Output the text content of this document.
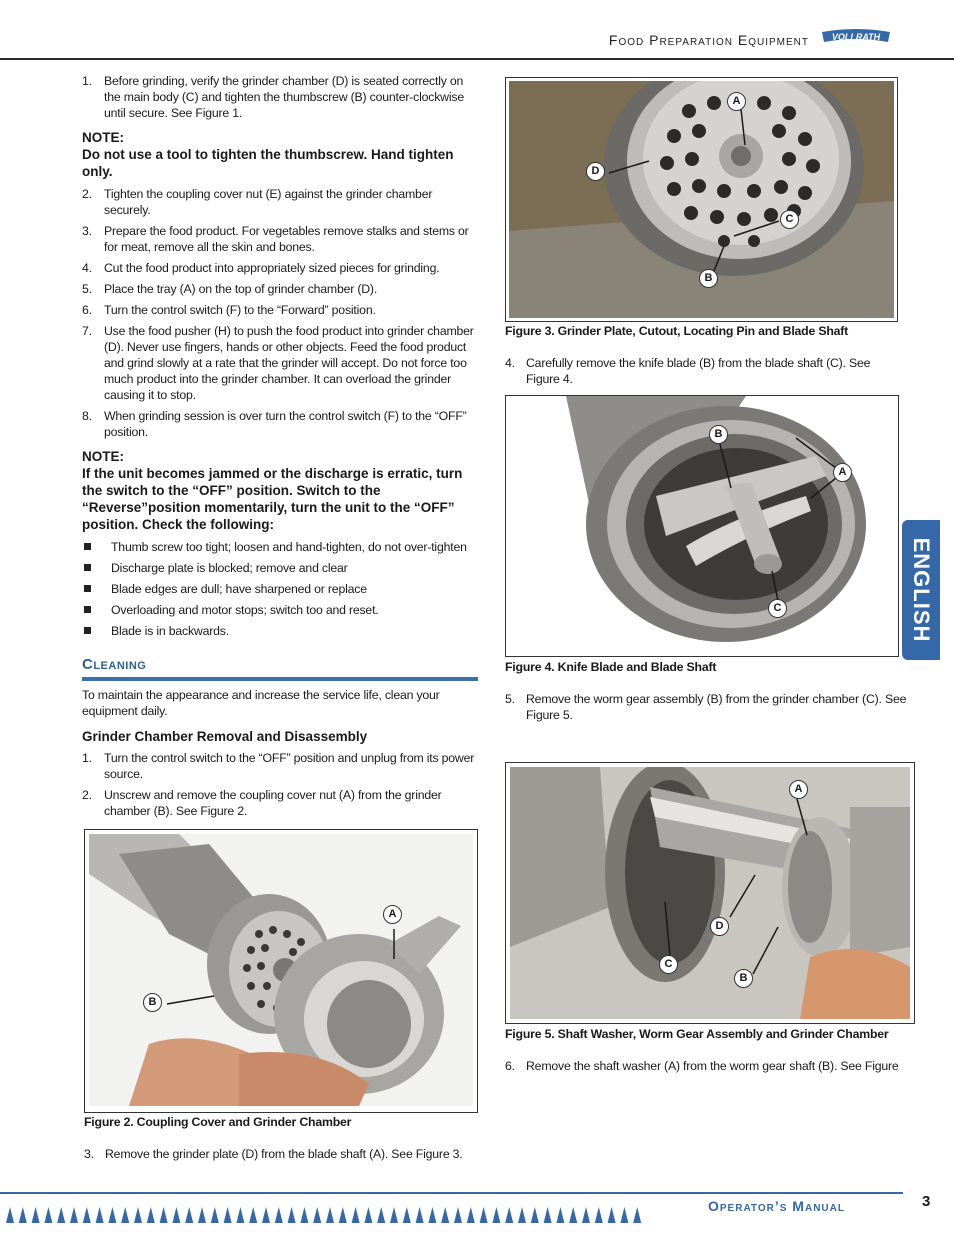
Food Preparation Equipment	VOLLRATH
1. Before grinding, verify the grinder chamber (D) is seated correctly on the main body (C) and tighten the thumbscrew (B) counter-clockwise until secure. See Figure 1.
NOTE:
Do not use a tool to tighten the thumbscrew. Hand tighten only.
2. Tighten the coupling cover nut (E) against the grinder chamber securely.
3. Prepare the food product. For vegetables remove stalks and stems or for meat, remove all the skin and bones.
4. Cut the food product into appropriately sized pieces for grinding.
5. Place the tray (A) on the top of grinder chamber (D).
6. Turn the control switch (F) to the “Forward” position.
7. Use the food pusher (H) to push the food product into grinder chamber (D). Never use fingers, hands or other objects. Feed the food product and grind slowly at a rate that the grinder will accept. Do not force too much product into the grinder chamber. It can overload the grinder causing it to stop.
8. When grinding session is over turn the control switch (F) to the “OFF” position.
NOTE:
If the unit becomes jammed or the discharge is erratic, turn the switch to the “OFF” position. Switch to the “Reverse”position momentarily, turn the unit to the “OFF” position. Check the following:
Thumb screw too tight; loosen and hand-tighten, do not over-tighten
Discharge plate is blocked; remove and clear
Blade edges are dull; have sharpened or replace
Overloading and motor stops; switch too and reset.
Blade is in backwards.
Cleaning
To maintain the appearance and increase the service life, clean your equipment daily.
Grinder Chamber Removal and Disassembly
1. Turn the control switch to the “OFF” position and unplug from its power source.
2. Unscrew and remove the coupling cover nut (A) from the grinder chamber (B). See Figure 2.
A
B
Figure 2. Coupling Cover and Grinder Chamber
3. Remove the grinder plate (D) from the blade shaft (A). See Figure 3.
A
D
C
B
Figure 3. Grinder Plate, Cutout, Locating Pin and Blade Shaft
4. Carefully remove the knife blade (B) from the blade shaft (C). See Figure 4.
B
A
C
Figure 4. Knife Blade and Blade Shaft
5. Remove the worm gear assembly (B) from the grinder chamber (C). See Figure 5.
A
D
C
B
Figure 5. Shaft Washer, Worm Gear Assembly and Grinder Chamber
6. Remove the shaft washer (A) from the worm gear shaft (B). See Figure
ENGLISH
Operator’s Manual	3
